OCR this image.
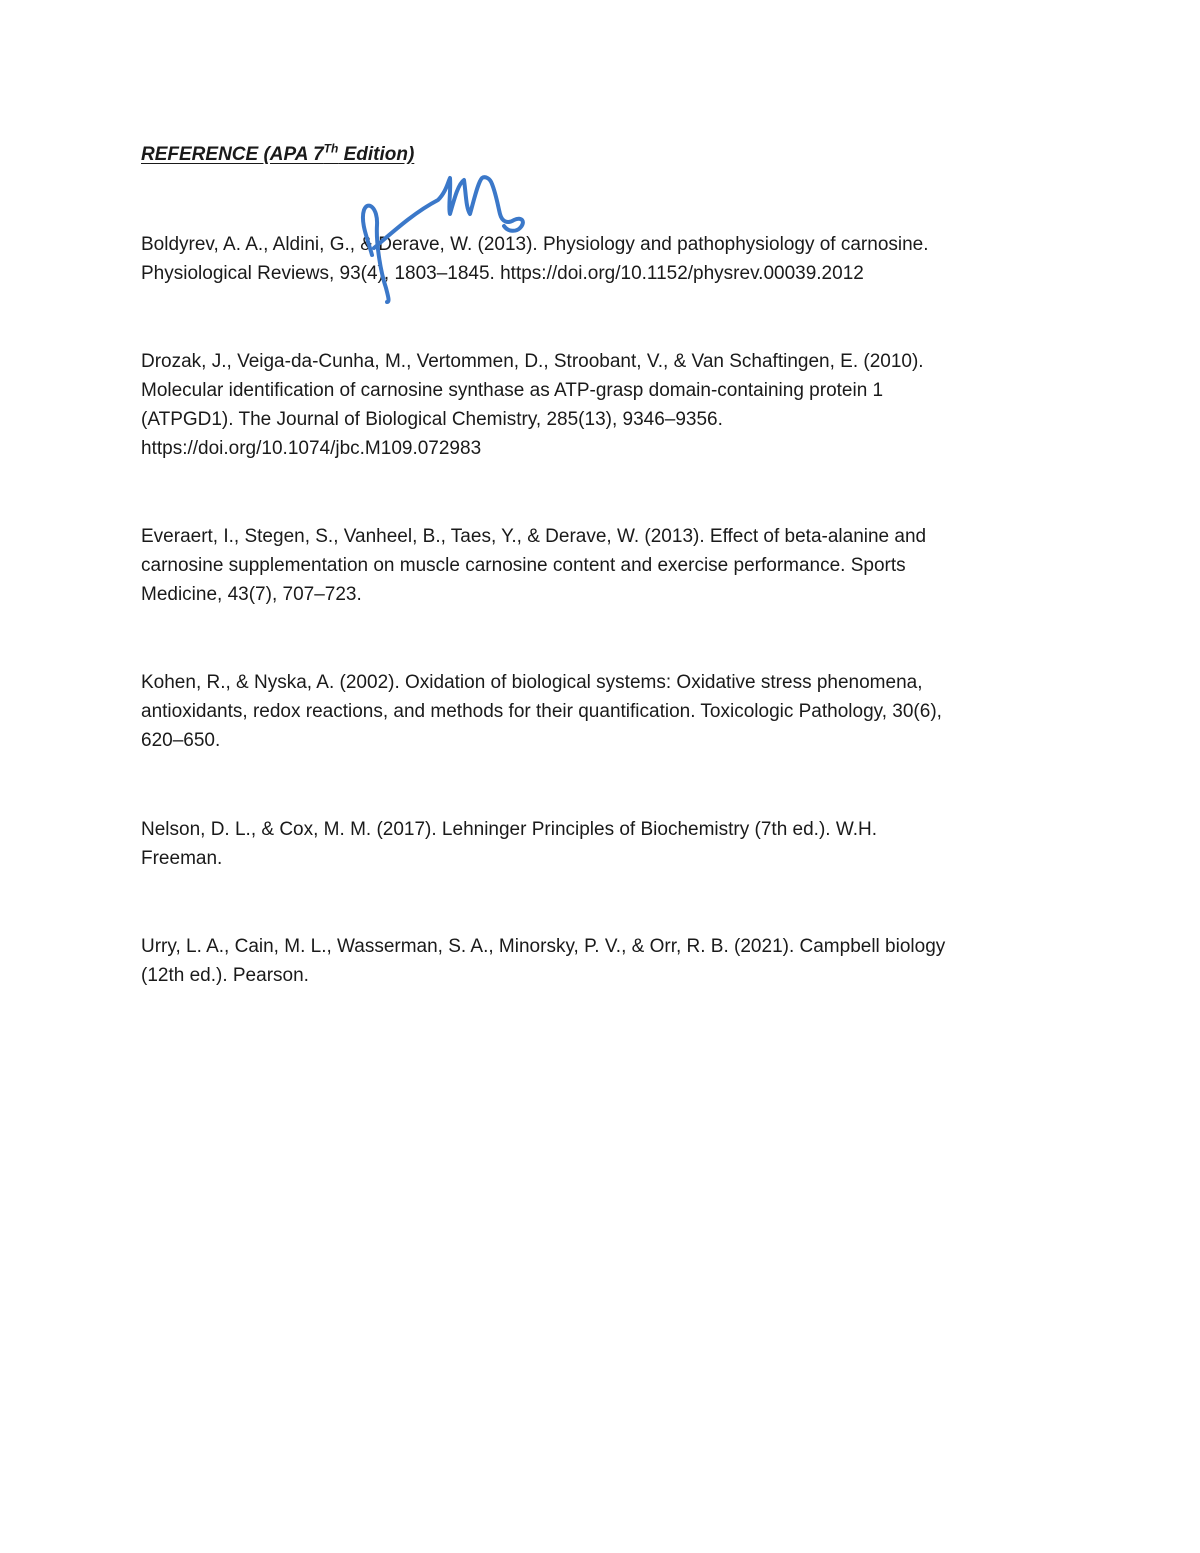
REFERENCE (APA 7Th Edition)

Boldyrev, A. A., Aldini, G., & Derave, W. (2013). Physiology and pathophysiology of carnosine.
Physiological Reviews, 93(4), 1803–1845. https://doi.org/10.1152/physrev.00039.2012

Drozak, J., Veiga-da-Cunha, M., Vertommen, D., Stroobant, V., & Van Schaftingen, E. (2010).
Molecular identification of carnosine synthase as ATP-grasp domain-containing protein 1
(ATPGD1). The Journal of Biological Chemistry, 285(13), 9346–9356.
https://doi.org/10.1074/jbc.M109.072983

Everaert, I., Stegen, S., Vanheel, B., Taes, Y., & Derave, W. (2013). Effect of beta-alanine and
carnosine supplementation on muscle carnosine content and exercise performance. Sports
Medicine, 43(7), 707–723.

Kohen, R., & Nyska, A. (2002). Oxidation of biological systems: Oxidative stress phenomena,
antioxidants, redox reactions, and methods for their quantification. Toxicologic Pathology, 30(6),
620–650.

Nelson, D. L., & Cox, M. M. (2017). Lehninger Principles of Biochemistry (7th ed.). W.H.
Freeman.

Urry, L. A., Cain, M. L., Wasserman, S. A., Minorsky, P. V., & Orr, R. B. (2021). Campbell biology
(12th ed.). Pearson.
